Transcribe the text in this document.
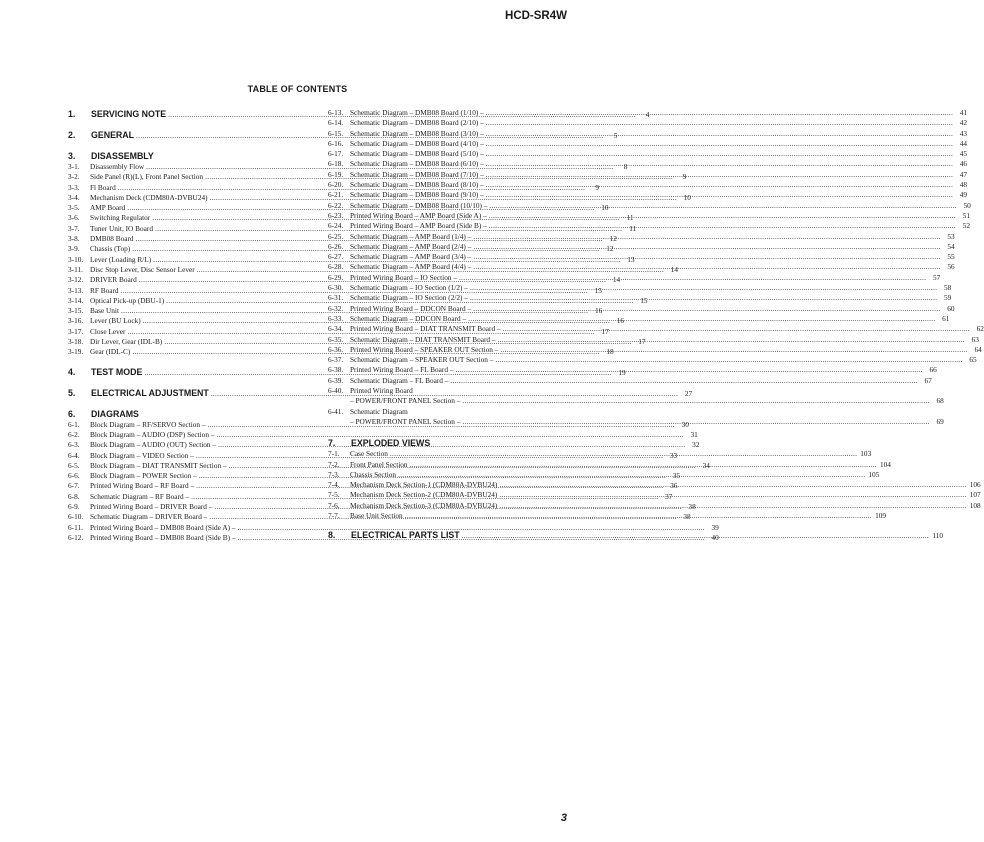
HCD-SR4W
TABLE OF CONTENTS
1.	SERVICING NOTE .....	4
2.	GENERAL .....	5
3.	DISASSEMBLY
3-1.	Disassembly Flow .....	8
3-2.	Side Panel (R)(L), Front Panel Section .....	9
3-3.	Fl Board .....	9
3-4.	Mechanism Deck (CDM80A-DVBU24) .....	10
3-5.	AMP Board .....	10
3-6.	Switching Regulator .....	11
3-7.	Tuner Unit, IO Board .....	11
3-8.	DMB08 Board .....	12
3-9.	Chassis (Top) .....	12
3-10. Lever (Loading R/L) .....	13
3-11. Disc Stop Lever, Disc Sensor Lever .....	14
3-12. DRIVER Board .....	14
3-13. RF Board .....	15
3-14. Optical Pick-up (DBU-1) .....	15
3-15. Base Unit .....	16
3-16. Lever (BU Lock) .....	16
3-17. Close Lever .....	17
3-18. Dir Lever, Gear (IDL-B) .....	17
3-19. Gear (IDL-C) .....	18
4.	TEST MODE .....	19
5.	ELECTRICAL ADJUSTMENT .....	27
6.	DIAGRAMS
6-1.	Block Diagram – RF/SERVO Section – .....	30
6-2.	Block Diagram – AUDIO (DSP) Section – .....	31
6-3.	Block Diagram – AUDIO (OUT) Section – .....	32
6-4.	Block Diagram – VIDEO Section – .....	33
6-5.	Block Diagram – DIAT TRANSMIT Section – .....	34
6-6.	Block Diagram – POWER Section – .....	35
6-7.	Printed Wiring Board – RF Board – .....	36
6-8.	Schematic Diagram – RF Board – .....	37
6-9.	Printed Wiring Board – DRIVER Board – .....	38
6-10. Schematic Diagram – DRIVER Board – .....	38
6-11. Printed Wiring Board – DMB08 Board (Side A) – .....	39
6-12. Printed Wiring Board – DMB08 Board (Side B) – .....	40
6-13. Schematic Diagram – DMB08 Board (1/10) – .....	41
6-14. Schematic Diagram – DMB08 Board (2/10) – .....	42
6-15. Schematic Diagram – DMB08 Board (3/10) – .....	43
6-16. Schematic Diagram – DMB08 Board (4/10) – .....	44
6-17. Schematic Diagram – DMB08 Board (5/10) – .....	45
6-18. Schematic Diagram – DMB08 Board (6/10) – .....	46
6-19. Schematic Diagram – DMB08 Board (7/10) – .....	47
6-20. Schematic Diagram – DMB08 Board (8/10) – .....	48
6-21. Schematic Diagram – DMB08 Board (9/10) – .....	49
6-22. Schematic Diagram – DMB08 Board (10/10) – .....	50
6-23. Printed Wiring Board – AMP Board (Side A) – .....	51
6-24. Printed Wiring Board – AMP Board (Side B) – .....	52
6-25. Schematic Diagram – AMP Board (1/4) – .....	53
6-26. Schematic Diagram – AMP Board (2/4) – .....	54
6-27. Schematic Diagram – AMP Board (3/4) – .....	55
6-28. Schematic Diagram – AMP Board (4/4) – .....	56
6-29. Printed Wiring Board – IO Section – .....	57
6-30. Schematic Diagram – IO Section (1/2) – .....	58
6-31. Schematic Diagram – IO Section (2/2) – .....	59
6-32. Printed Wiring Board – DDCON Board – .....	60
6-33. Schematic Diagram – DDCON Board – .....	61
6-34. Printed Wiring Board – DIAT TRANSMIT Board – .....	62
6-35. Schematic Diagram – DIAT TRANSMIT Board – .....	63
6-36. Printed Wiring Board – SPEAKER OUT Section – .....	64
6-37. Schematic Diagram – SPEAKER OUT Section – .....	65
6-38. Printed Wiring Board – FL Board – .....	66
6-39. Schematic Diagram – FL Board – .....	67
6-40. Printed Wiring Board
– POWER/FRONT PANEL Section – .....	68
6-41. Schematic Diagram
– POWER/FRONT PANEL Section – .....	69
7.	EXPLODED VIEWS
7-1.	Case Section .....	103
7-2.	Front Panel Section .....	104
7-3.	Chassis Section .....	105
7-4.	Mechanism Deck Section-1 (CDM80A-DVBU24) .....	106
7-5.	Mechanism Deck Section-2 (CDM80A-DVBU24) .....	107
7-6.	Mechanism Deck Section-3 (CDM80A-DVBU24) .....	108
7-7.	Base Unit Section .....	109
8.	ELECTRICAL PARTS LIST .....	110
3
